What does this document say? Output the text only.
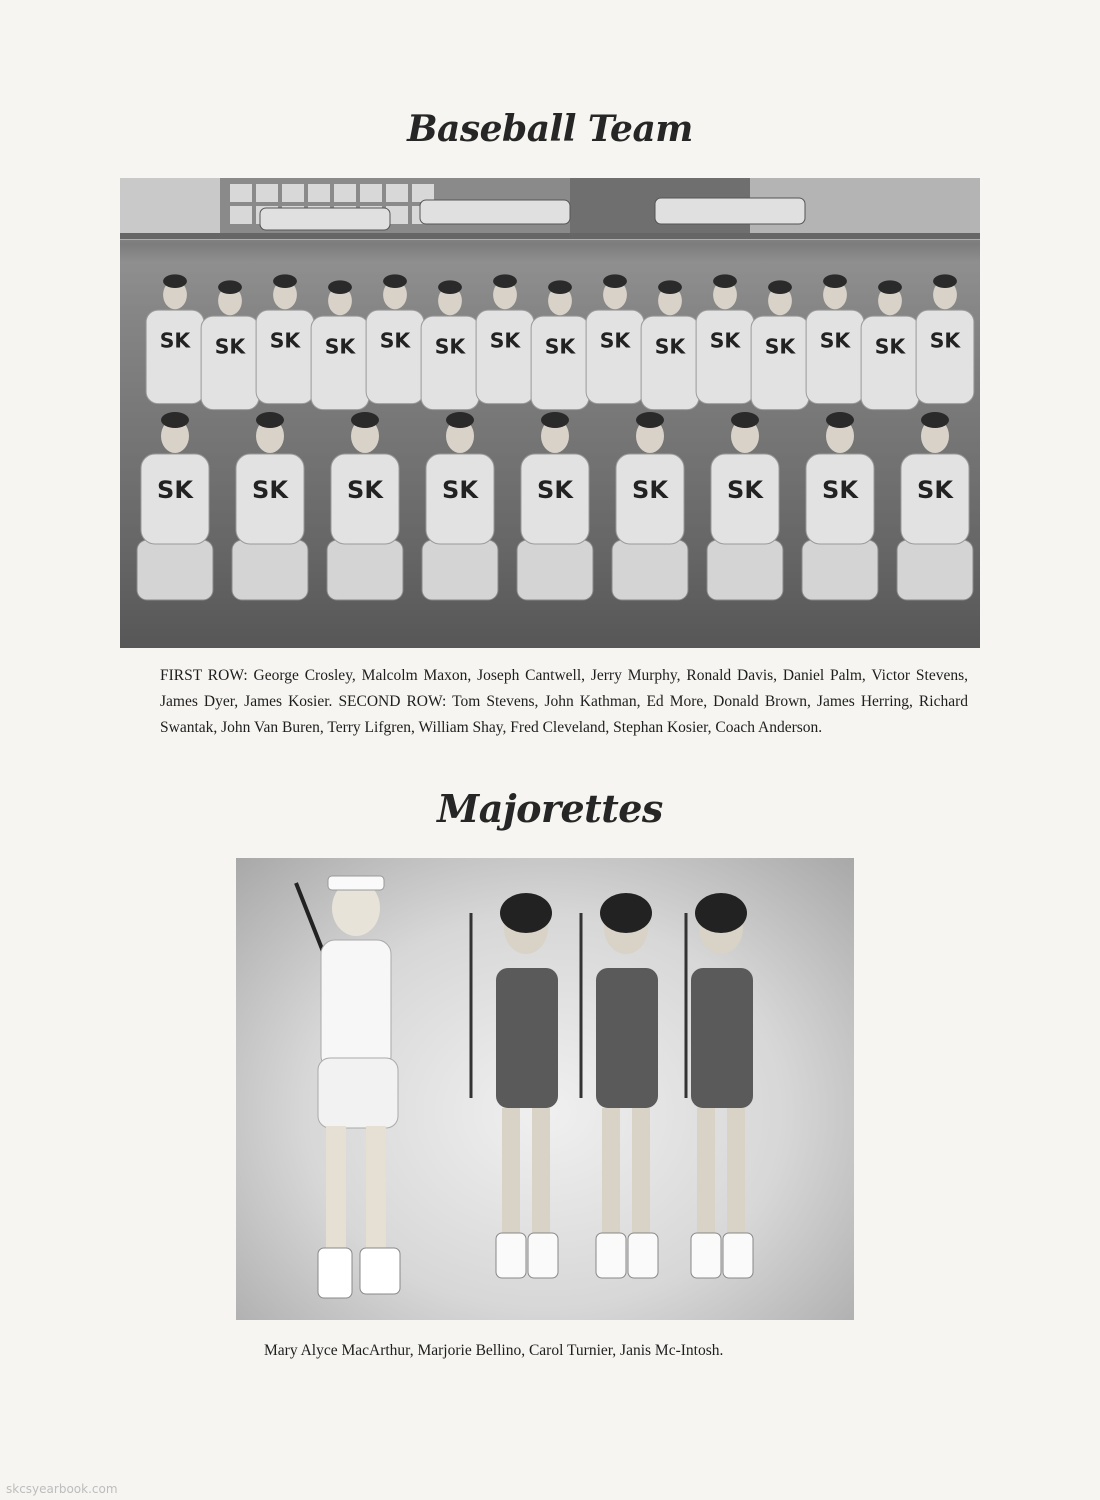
Baseball Team
SK SK SK SK SK SK SK SK SK SK SK SK SK SK SK
SK SK SK SK SK SK SK SK SK
FIRST ROW: George Crosley, Malcolm Maxon, Joseph Cantwell, Jerry Murphy, Ronald Davis, Daniel Palm, Victor Stevens, James Dyer, James Kosier. SECOND ROW: Tom Stevens, John Kathman, Ed More, Donald Brown, James Herring, Richard Swantak, John Van Buren, Terry Lifgren, William Shay, Fred Cleveland, Stephan Kosier, Coach Anderson.
Majorettes
Mary Alyce MacArthur, Marjorie Bellino, Carol Turnier, Janis Mc-Intosh.
skcsyearbook.com
